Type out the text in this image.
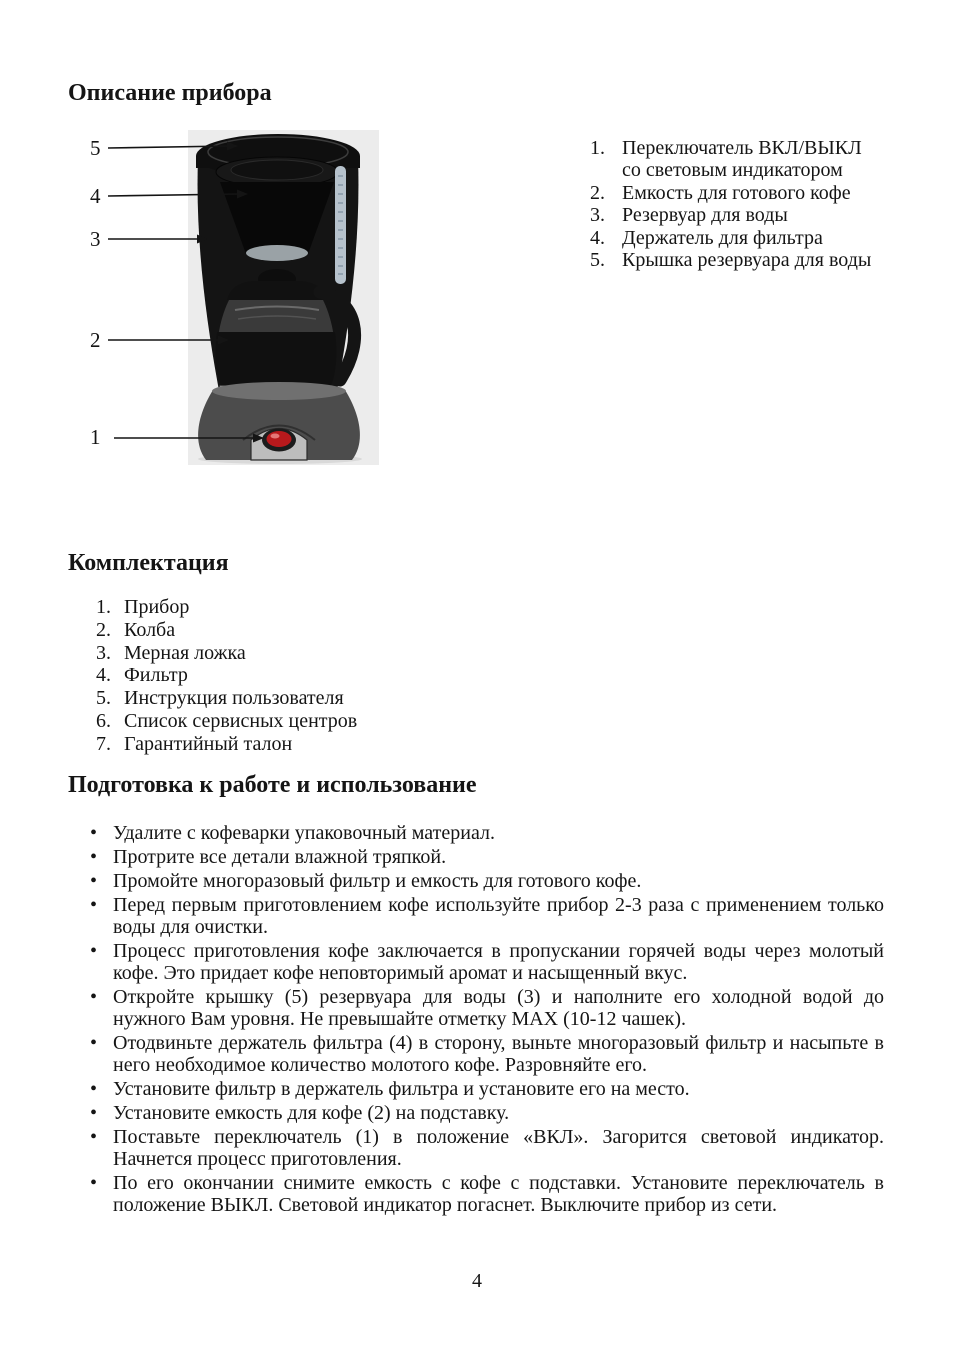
Описание прибора
5
4
3
2
1
1. Переключатель ВКЛ/ВЫКЛ
со световым индикатором
2. Емкость для готового кофе
3. Резервуар для воды
4. Держатель для фильтра
5. Крышка резервуара для воды
Комплектация
1. Прибор
2. Колба
3. Мерная ложка
4. Фильтр
5. Инструкция пользователя
6. Список сервисных центров
7. Гарантийный талон
Подготовка к работе и использование
• Удалите с кофеварки упаковочный материал.

• Протрите все детали влажной тряпкой.

• Промойте многоразовый фильтр и емкость для готового кофе.

• Перед первым приготовлением кофе используйте прибор 2-3 раза с применением только воды для очистки.

• Процесс приготовления кофе заключается в пропускании горячей воды через молотый кофе. Это придает кофе неповторимый аромат и насыщенный вкус.

• Откройте крышку (5) резервуара для воды (3) и наполните его холодной водой до нужного Вам уровня. Не превышайте отметку MAX (10-12 чашек).

• Отодвиньте держатель фильтра (4) в сторону, выньте многоразовый фильтр и насыпьте в него необходимое количество молотого кофе. Разровняйте его.

• Установите фильтр в держатель фильтра и установите его на место.

• Установите емкость для кофе (2) на подставку.

• Поставьте переключатель (1) в положение «ВКЛ». Загорится световой индикатор. Начнется процесс приготовления.

• По его окончании снимите емкость с кофе с подставки. Установите переключатель в положение ВЫКЛ. Световой индикатор погаснет. Выключите прибор из сети.

4
